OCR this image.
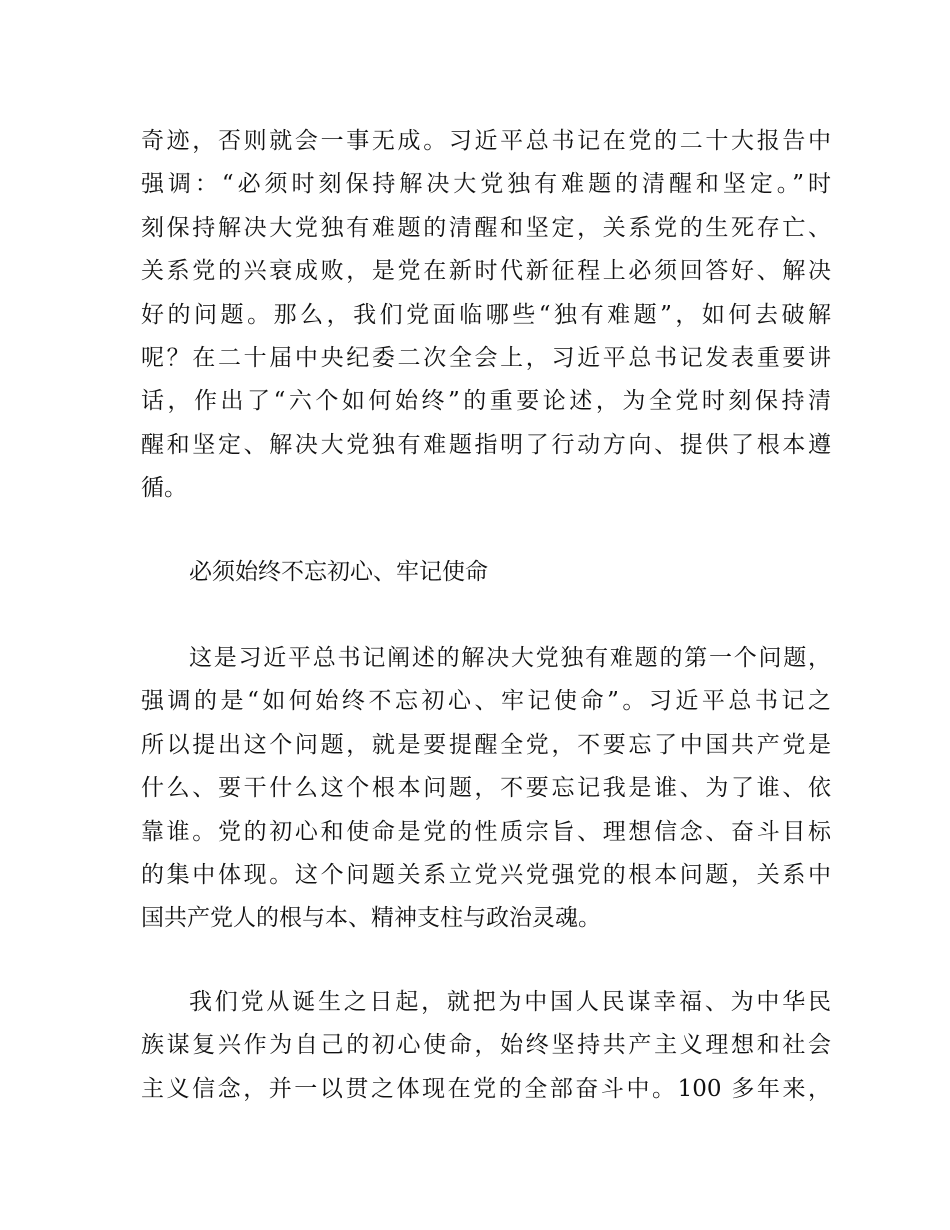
奇迹，否则就会一事无成。习近平总书记在党的二十大报告中
强调：“必须时刻保持解决大党独有难题的清醒和坚定。”时
刻保持解决大党独有难题的清醒和坚定，关系党的生死存亡、
关系党的兴衰成败，是党在新时代新征程上必须回答好、解决
好的问题。那么，我们党面临哪些“独有难题”，如何去破解
呢？在二十届中央纪委二次全会上，习近平总书记发表重要讲
话，作出了“六个如何始终”的重要论述，为全党时刻保持清
醒和坚定、解决大党独有难题指明了行动方向、提供了根本遵
循。
必须始终不忘初心、牢记使命
这是习近平总书记阐述的解决大党独有难题的第一个问题，
强调的是“如何始终不忘初心、牢记使命”。习近平总书记之
所以提出这个问题，就是要提醒全党，不要忘了中国共产党是
什么、要干什么这个根本问题，不要忘记我是谁、为了谁、依
靠谁。党的初心和使命是党的性质宗旨、理想信念、奋斗目标
的集中体现。这个问题关系立党兴党强党的根本问题，关系中
国共产党人的根与本、精神支柱与政治灵魂。
我们党从诞生之日起，就把为中国人民谋幸福、为中华民
族谋复兴作为自己的初心使命，始终坚持共产主义理想和社会
主义信念，并一以贯之体现在党的全部奋斗中。100 多年来，
